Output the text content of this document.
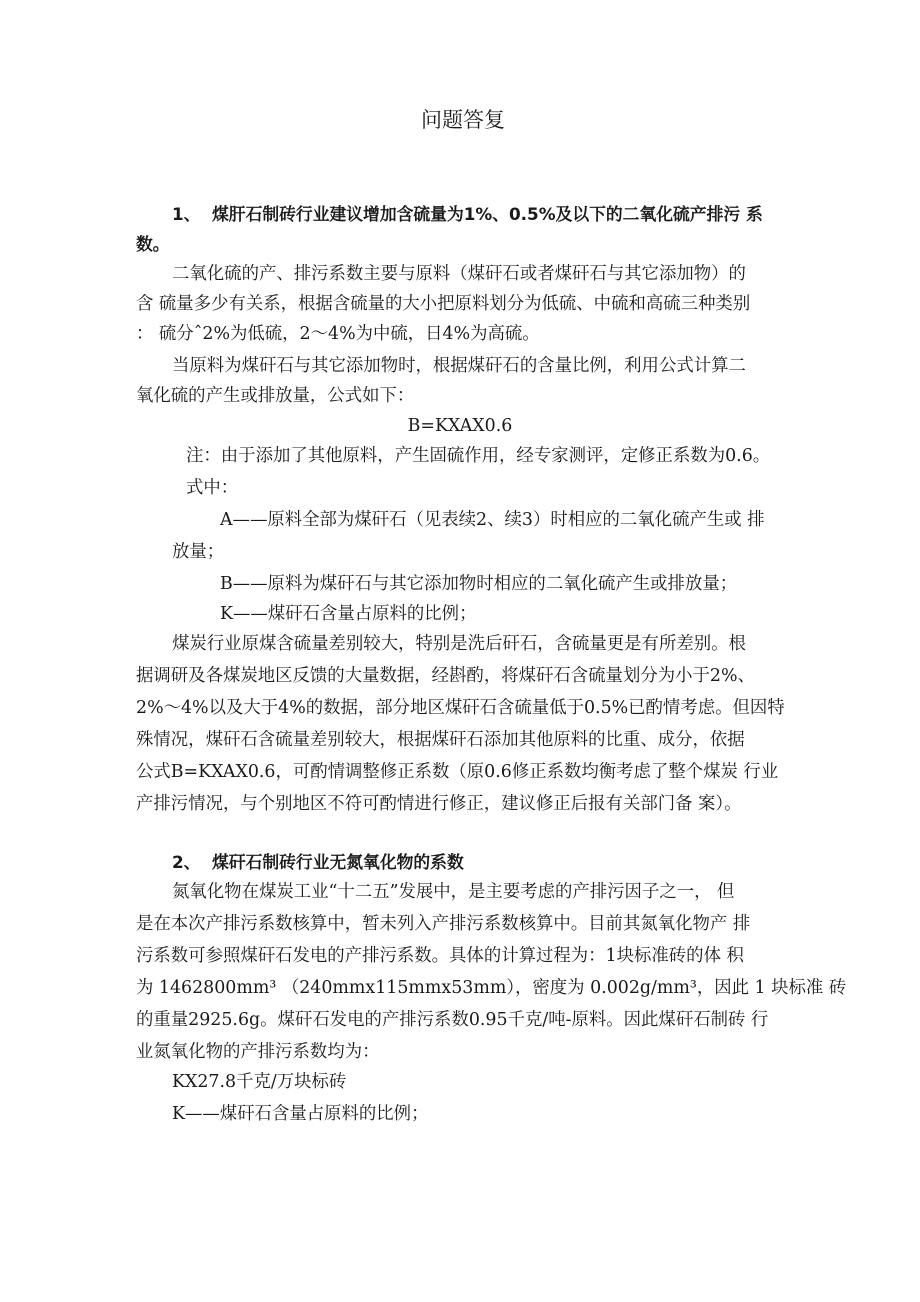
问题答复

1、 煤肝石制砖行业建议增加含硫量为1%、0.5%及以下的二氧化硫产排污 系

数。

二氧化硫的产、排污系数主要与原料（煤矸石或者煤矸石与其它添加物）的

含 硫量多少有关系，根据含硫量的大小把原料划分为低硫、中硫和高硫三种类别

： 硫分ˆ2%为低硫，2～4%为中硫，日4%为高硫。

当原料为煤矸石与其它添加物时，根据煤矸石的含量比例，利用公式计算二

氧化硫的产生或排放量，公式如下：

B=KXAX0.6

注：由于添加了其他原料，产生固硫作用，经专家测评，定修正系数为0.6。

式中：

A——原料全部为煤矸石（见表续2、续3）时相应的二氧化硫产生或 排

放量；

B——原料为煤矸石与其它添加物时相应的二氧化硫产生或排放量；

K——煤矸石含量占原料的比例；

煤炭行业原煤含硫量差别较大，特别是洗后矸石，含硫量更是有所差别。根

据调研及各煤炭地区反馈的大量数据，经斟酌，将煤矸石含硫量划分为小于2%、

2%～4%以及大于4%的数据，部分地区煤矸石含硫量低于0.5%已酌情考虑。但因特

殊情况，煤矸石含硫量差别较大，根据煤矸石添加其他原料的比重、成分，依据

公式B=KXAX0.6，可酌情调整修正系数（原0.6修正系数均衡考虑了整个煤炭 行业

产排污情况，与个别地区不符可酌情进行修正，建议修正后报有关部门备 案）。

2、 煤矸石制砖行业无氮氧化物的系数

氮氧化物在煤炭工业“十二五”发展中，是主要考虑的产排污因子之一， 但

是在本次产排污系数核算中，暂未列入产排污系数核算中。目前其氮氧化物产 排

污系数可参照煤矸石发电的产排污系数。具体的计算过程为：1块标准砖的体 积

为 1462800mm³ （240mmx115mmx53mm），密度为 0.002g/mm³，因此 1 块标准 砖

的重量2925.6g。煤矸石发电的产排污系数0.95千克/吨-原料。因此煤矸石制砖 行

业氮氧化物的产排污系数均为：

KX27.8千克/万块标砖

K——煤矸石含量占原料的比例；
